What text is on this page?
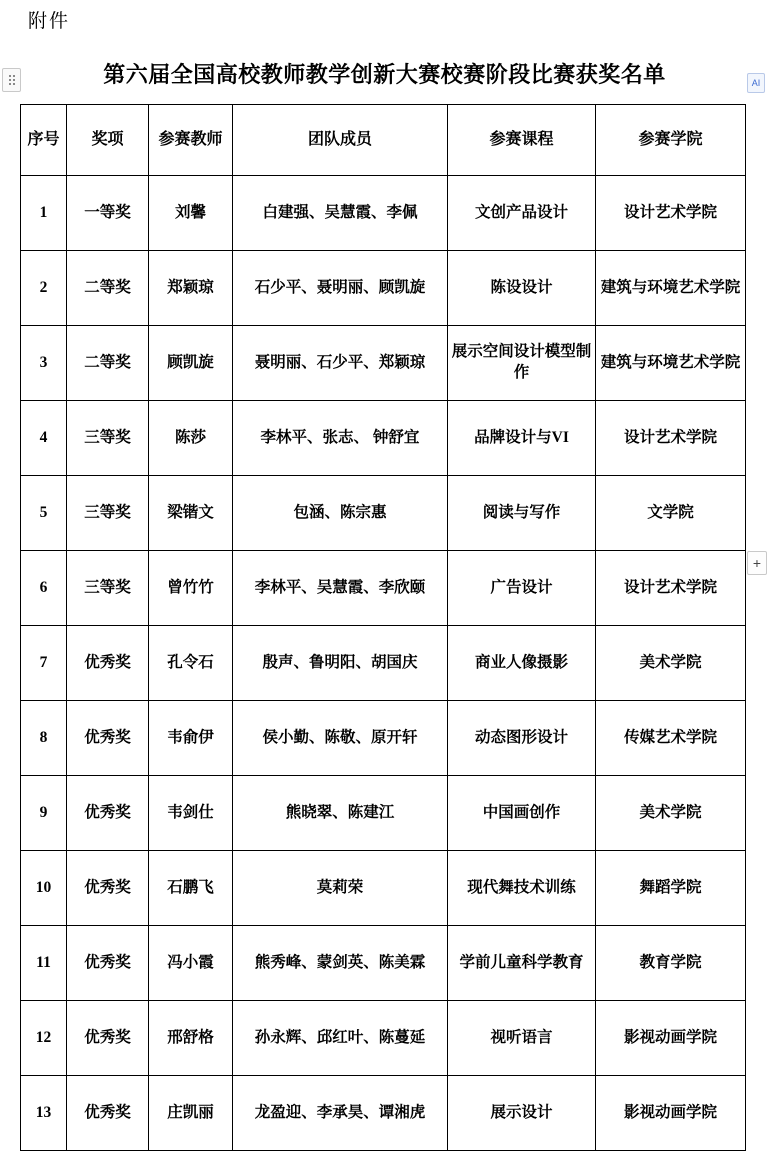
附件
第六届全国高校教师教学创新大赛校赛阶段比赛获奖名单	AI
+
序号	奖项	参赛教师	团队成员	参赛课程	参赛学院
1	一等奖	刘馨	白建强、吴慧霞、李佩	文创产品设计	设计艺术学院
2	二等奖	郑颖琼	石少平、聂明丽、顾凯旋	陈设设计	建筑与环境艺术学院
3	二等奖	顾凯旋	聂明丽、石少平、郑颖琼	展示空间设计模型制作	建筑与环境艺术学院
4	三等奖	陈莎	李林平、张志、 钟舒宜	品牌设计与VI	设计艺术学院
5	三等奖	梁锴文	包涵、陈宗惠	阅读与写作	文学院
6	三等奖	曾竹竹	李林平、吴慧霞、李欣颐	广告设计	设计艺术学院
7	优秀奖	孔令石	殷声、鲁明阳、胡国庆	商业人像摄影	美术学院
8	优秀奖	韦俞伊	侯小勤、陈敬、原开轩	动态图形设计	传媒艺术学院
9	优秀奖	韦剑仕	熊晓翠、陈建江	中国画创作	美术学院
10	优秀奖	石鹏飞	莫莉荣	现代舞技术训练	舞蹈学院
11	优秀奖	冯小霞	熊秀峰、蒙剑英、陈美霖	学前儿童科学教育	教育学院
12	优秀奖	邢舒格	孙永辉、邱红叶、陈蔓延	视听语言	影视动画学院
13	优秀奖	庄凯丽	龙盈迎、李承昊、谭湘虎	展示设计	影视动画学院
